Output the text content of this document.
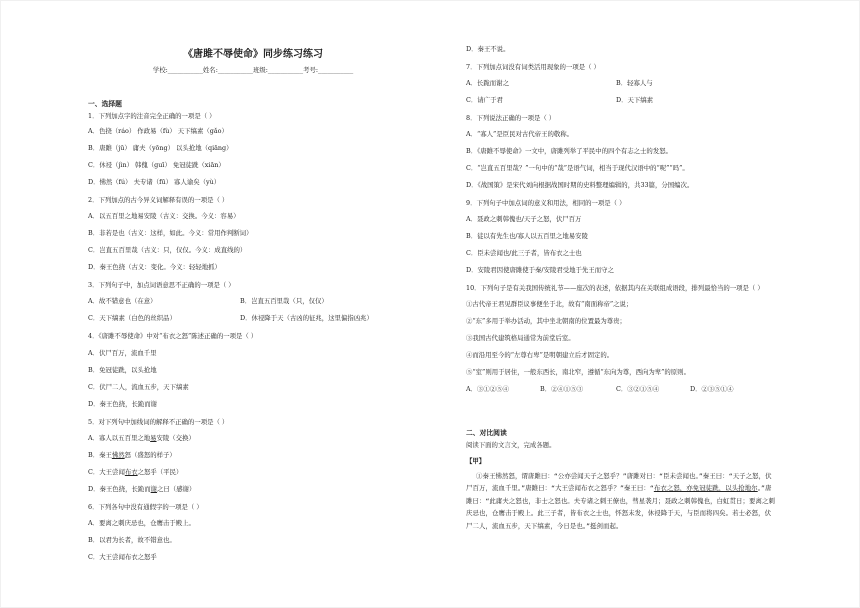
《唐雎不辱使命》同步练习练习
学校:___________姓名:___________班级:___________考号:___________
一、选择题
1．下列加点字的注音完全正确的一项是（ ）
A．色挠（ráo） 作政易（fù） 天下缟素（gǎo）
B．唐雎（jū） 庸夫（yōng） 以头抢地（qiāng）
C．休祲（jìn） 韩傀（guī） 免冠徒跣（xiān）
D．怫然（fú） 夫专诸（fū） 寡人谕矣（yù）
2．下列加点的古今异义词解释有误的一项是（ ）
A．以五百里之地易安陵（古义：交换。今义：容易）
B．非若是也（古义：这样，如此。今义：常用作判断词）
C．岂直五百里哉（古义：只，仅仅。今义：成直线的）
D．秦王色挠（古义：变化。今义：轻轻地抓）
3．下列句子中，加点词语意思不正确的一项是（ ）
A．故不错意也（在意）	B．岂直五百里哉（只，仅仅）
C．天下缟素（白色的丝织品）	D．休祲降于天（古凶的征兆，这里偏指凶兆）
4．《唐雎不辱使命》中对“布衣之怒”陈述正确的一项是（ ）
A．伏尸百万，流血千里
B．免冠徒跣，以头抢地
C．伏尸二人，流血五步，天下缟素
D．秦王色挠，长跪而谢
5．对下列句中加线词的解释不正确的一项是（ ）
A．寡人以五百里之地易安陵（交换）
B．秦王怫然怒（盛怒的样子）
C．大王尝闻布衣之怒乎（平民）
D．秦王色挠，长跪而谢之曰（感谢）
6．下列各句中没有通假字的一项是（ ）
A．要离之刺庆忌也，仓鹰击于殿上。
B．以君为长者，故不错意也。
C．大王尝闻布衣之怒乎
D．秦王不说。
7．下列加点词没有词类活用现象的一项是（ ）
A．长跪而谢之	B．轻寡人与
C．请广于君	D．天下缟素
8．下列说法正确的一项是（ ）
A．“寡人”是臣民对古代帝王的敬称。
B．《唐雎不辱使命》一文中，唐雎列举了平民中的四个有志之士的发怒。
C．“岂直五百里哉？”一句中的“哉”是语气词，相当于现代汉语中的“呢”“吗”。
D．《战国策》是宋代刘向根据战国时期的史料整理编辑的，共33篇，分国编次。
9．下列句子中加点词的意义和用法，相同的一项是（ ）
A．聂政之刺韩傀也/天子之怒，伏尸百万
B．徒以有先生也/寡人以五百里之地易安陵
C．臣未尝闻也/此三子者，皆布衣之士也
D．安陵君因使唐雎使于秦/安陵君受地于先王而守之
10．下列句子是有关我国传统礼节——座次的表述，依据其内在关联组成语段，排列最恰当的一项是（ ）
①古代帝王君见群臣议事便坐于北，故有“南面称帝”之说；
②“东”多用于举办活动，其中坐北朝南的位置最为尊贵；
③我国古代建筑格局通常为前堂后室。
④而沿用至今的“左尊右卑”是明朝建立后才固定的。
⑤“室”则用于居住，一般东西长，南北窄，遵循“东向为尊，西向为卑”的原则。
A．③①②⑤④	B．②④①⑤③	C．③②①⑤④	D．②③⑤①④
二、对比阅读
阅读下面的文言文，完成各题。
【甲】
①秦王怫然怒，谓唐雎曰：“公亦尝闻天子之怒乎？”唐雎对曰：“臣未尝闻也。”秦王曰：“天子之怒，伏
尸百万，流血千里。”唐雎曰：“大王尝闻布衣之怒乎？”秦王曰：“布衣之怒，亦免冠徒跣，以头抢地尔。”唐
雎曰：“此庸夫之怒也，非士之怒也。夫专诸之刺王僚也，彗星袭月；聂政之刺韩傀也，白虹贯日；要离之刺
庆忌也，仓鹰击于殿上。此三子者，皆布衣之士也，怀怒未发，休祲降于天，与臣而将四矣。若士必怒，伏
尸二人，流血五步，天下缟素，今日是也。”挺剑而起。
